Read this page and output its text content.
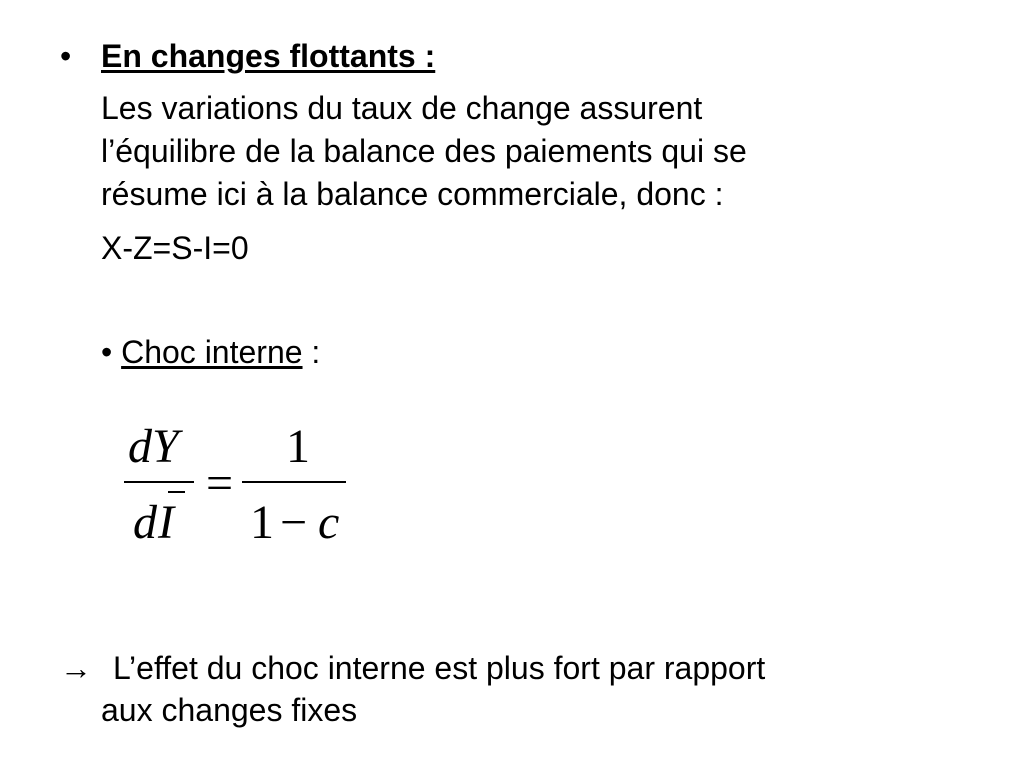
• En changes flottants :
Les variations du taux de change assurent
l’équilibre de la balance des paiements qui se
résume ici à la balance commerciale, donc :
X-Z=S-I=0
• Choc interne :
dY
d I
=
1
1 − c
→ L’effet du choc interne est plus fort par rapport
aux changes fixes
